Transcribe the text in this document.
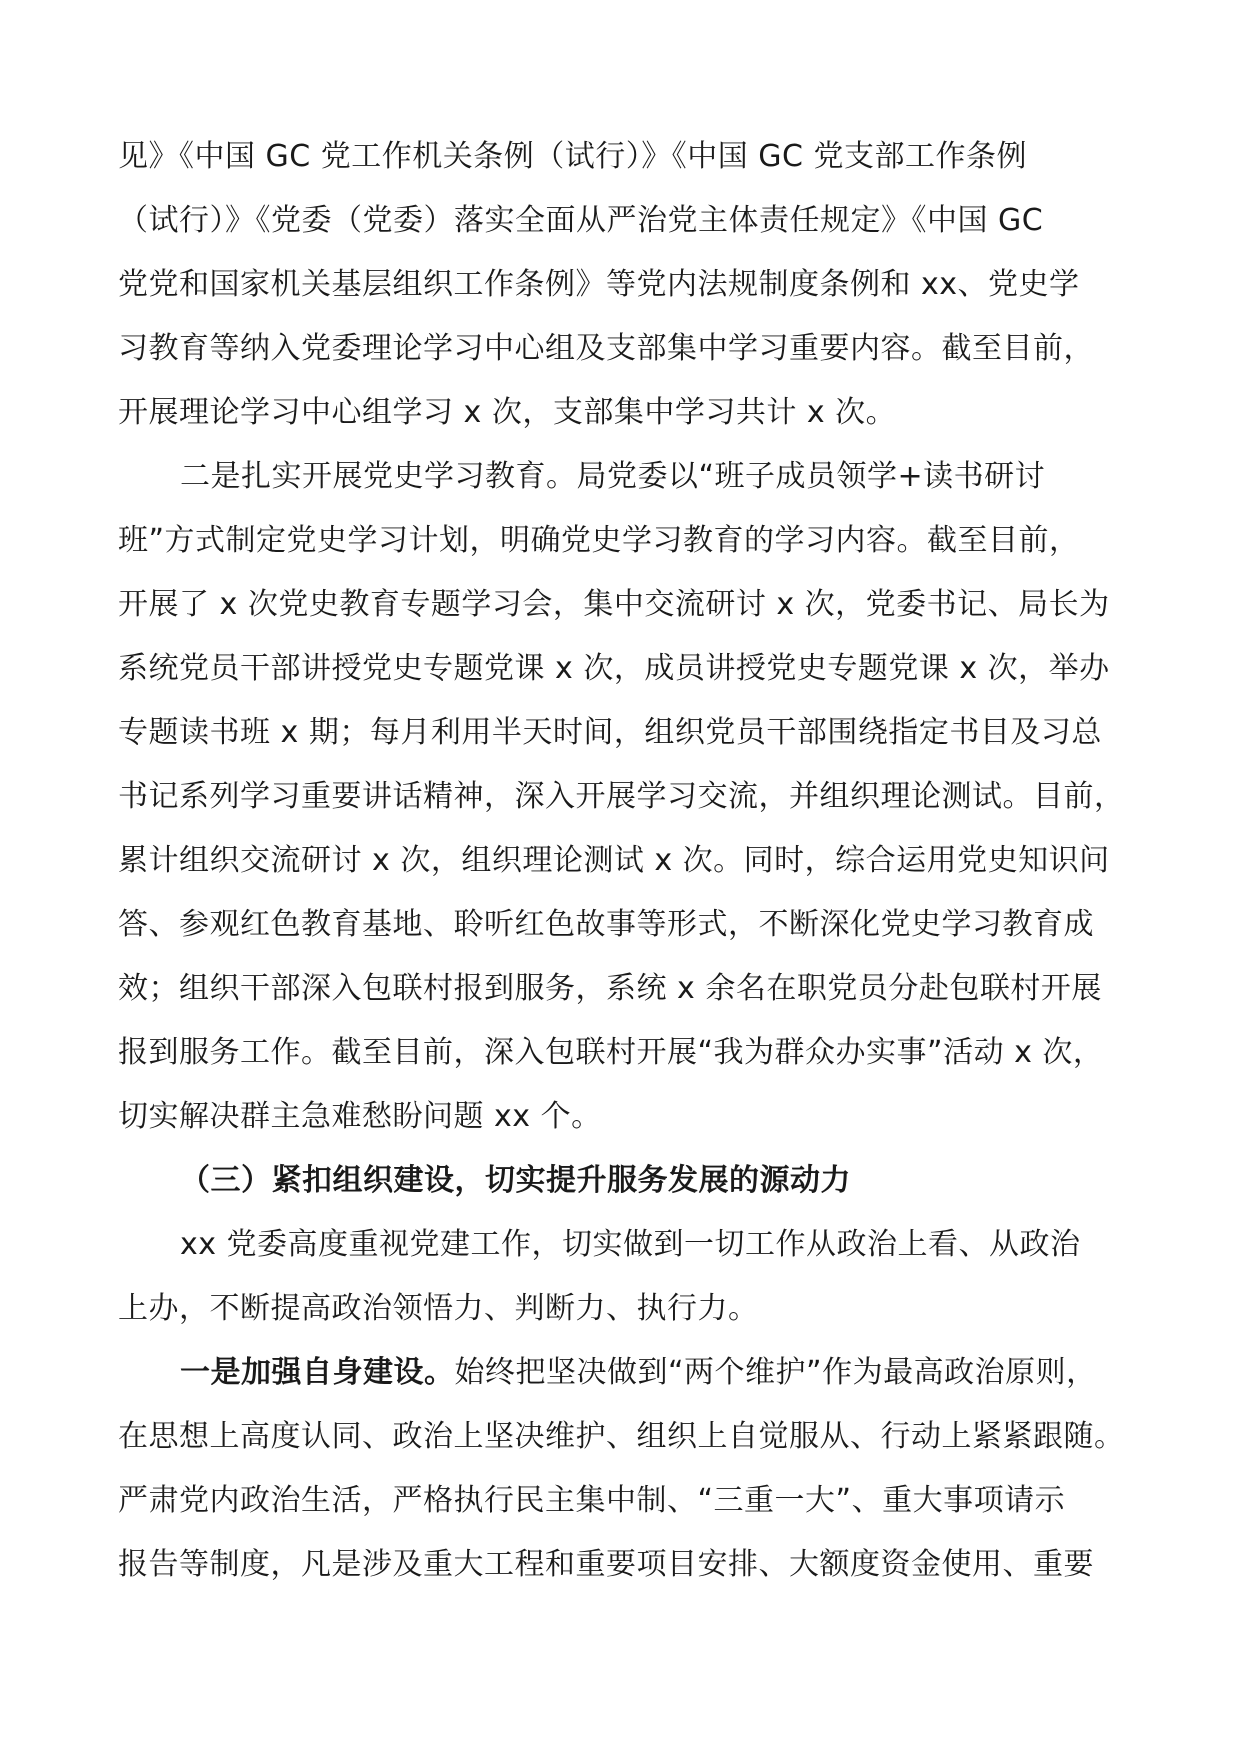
见》《中国 GC 党工作机关条例（试行）》《中国 GC 党支部工作条例
（试行）》《党委（党委）落实全面从严治党主体责任规定》《中国 GC
党党和国家机关基层组织工作条例》等党内法规制度条例和 xx、党史学
习教育等纳入党委理论学习中心组及支部集中学习重要内容。截至目前，
开展理论学习中心组学习 x 次，支部集中学习共计 x 次。
二是扎实开展党史学习教育。局党委以“班子成员领学+读书研讨
班”方式制定党史学习计划，明确党史学习教育的学习内容。截至目前，
开展了 x 次党史教育专题学习会，集中交流研讨 x 次，党委书记、局长为
系统党员干部讲授党史专题党课 x 次，成员讲授党史专题党课 x 次，举办
专题读书班 x 期；每月利用半天时间，组织党员干部围绕指定书目及习总
书记系列学习重要讲话精神，深入开展学习交流，并组织理论测试。目前，
累计组织交流研讨 x 次，组织理论测试 x 次。同时，综合运用党史知识问
答、参观红色教育基地、聆听红色故事等形式，不断深化党史学习教育成
效；组织干部深入包联村报到服务，系统 x 余名在职党员分赴包联村开展
报到服务工作。截至目前，深入包联村开展“我为群众办实事”活动 x 次，
切实解决群主急难愁盼问题 xx 个。
（三）紧扣组织建设，切实提升服务发展的源动力
xx 党委高度重视党建工作，切实做到一切工作从政治上看、从政治
上办，不断提高政治领悟力、判断力、执行力。
一是加强自身建设。始终把坚决做到“两个维护”作为最高政治原则，
在思想上高度认同、政治上坚决维护、组织上自觉服从、行动上紧紧跟随。
严肃党内政治生活，严格执行民主集中制、“三重一大”、重大事项请示
报告等制度，凡是涉及重大工程和重要项目安排、大额度资金使用、重要
